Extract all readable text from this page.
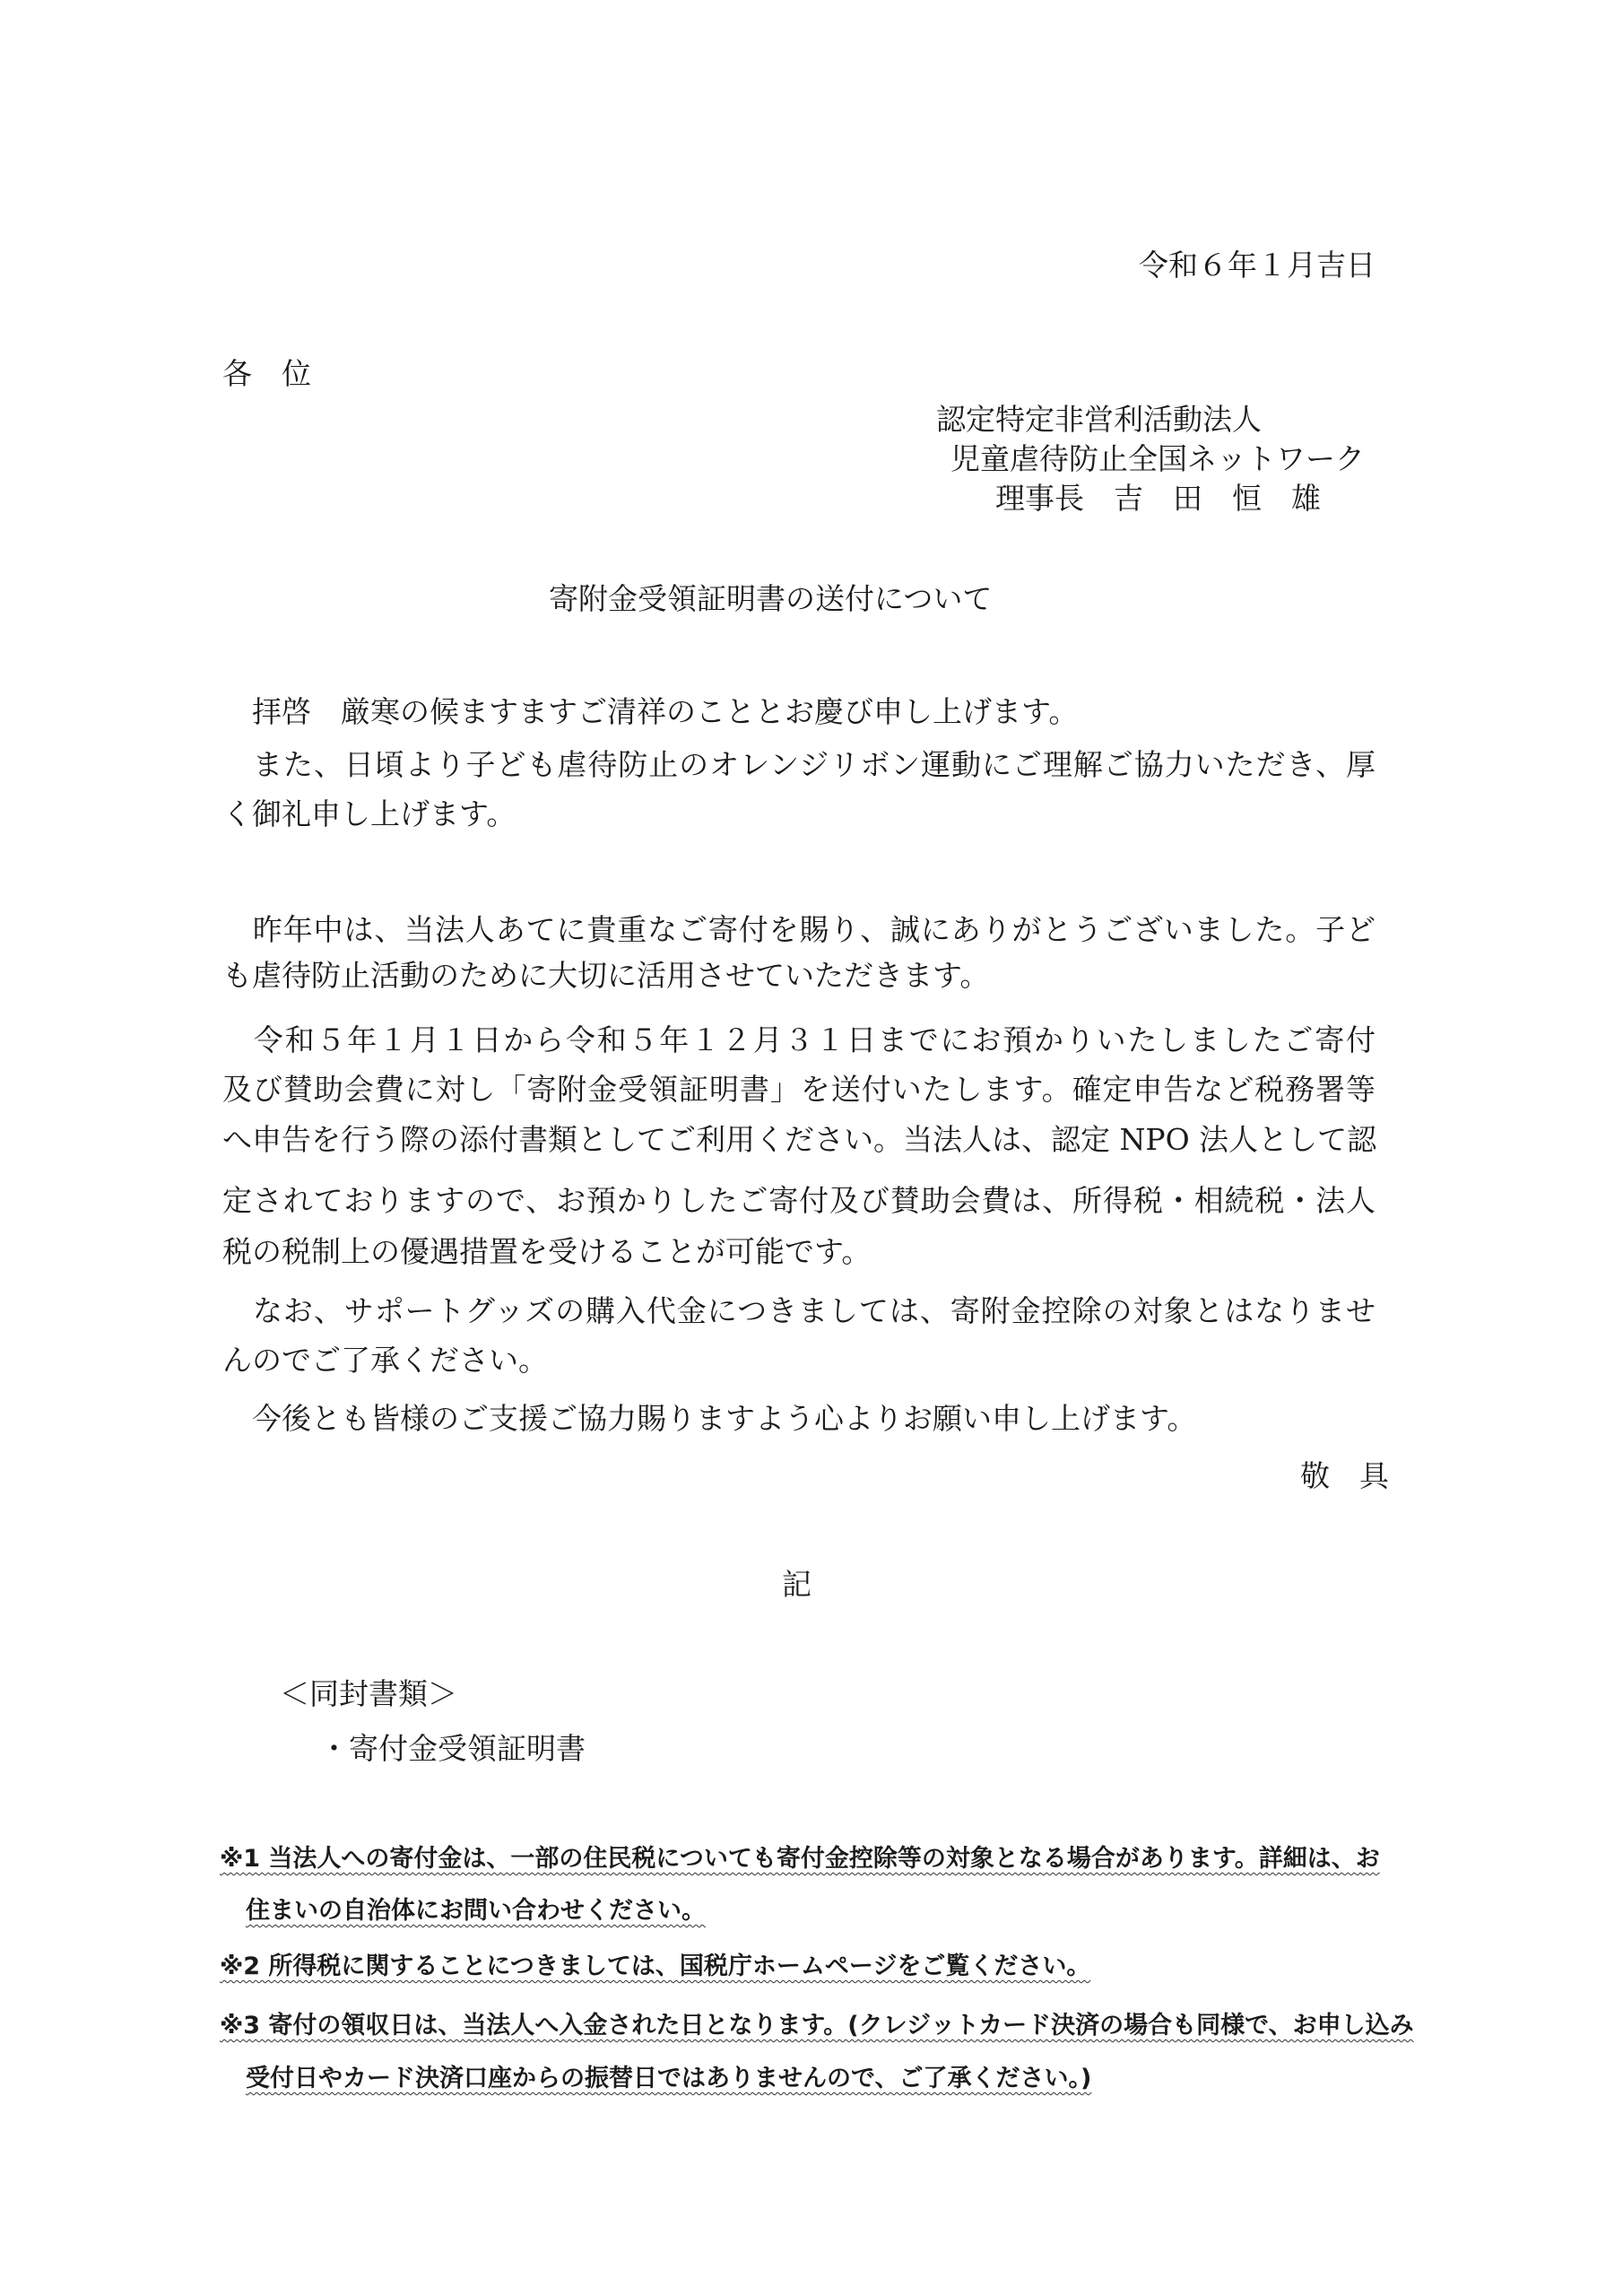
令和６年１月吉日
各　位
認定特定非営利活動法人
児童虐待防止全国ネットワーク
理事長　吉　田　恒　雄
寄附金受領証明書の送付について
　拝啓　厳寒の候ますますご清祥のこととお慶び申し上げます。
　また、日頃より子ども虐待防止のオレンジリボン運動にご理解ご協力いただき、厚
く御礼申し上げます。
　昨年中は、当法人あてに貴重なご寄付を賜り、誠にありがとうございました。子ど
も虐待防止活動のために大切に活用させていただきます。
　令和５年１月１日から令和５年１２月３１日までにお預かりいたしましたご寄付
及び賛助会費に対し「寄附金受領証明書」を送付いたします。確定申告など税務署等
へ申告を行う際の添付書類としてご利用ください。当法人は、認定 NPO 法人として認
定されておりますので、お預かりしたご寄付及び賛助会費は、所得税・相続税・法人
税の税制上の優遇措置を受けることが可能です。
　なお、サポートグッズの購入代金につきましては、寄附金控除の対象とはなりませ
んのでご了承ください。
　今後とも皆様のご支援ご協力賜りますよう心よりお願い申し上げます。
敬　具
記
＜同封書類＞
・寄付金受領証明書
※1 当法人への寄付金は、一部の住民税についても寄付金控除等の対象となる場合があります。詳細は、お
住まいの自治体にお問い合わせください。
※2 所得税に関することにつきましては、国税庁ホームページをご覧ください。
※3 寄付の領収日は、当法人へ入金された日となります。(クレジットカード決済の場合も同様で、お申し込み
受付日やカード決済口座からの振替日ではありませんので、ご了承ください。)
